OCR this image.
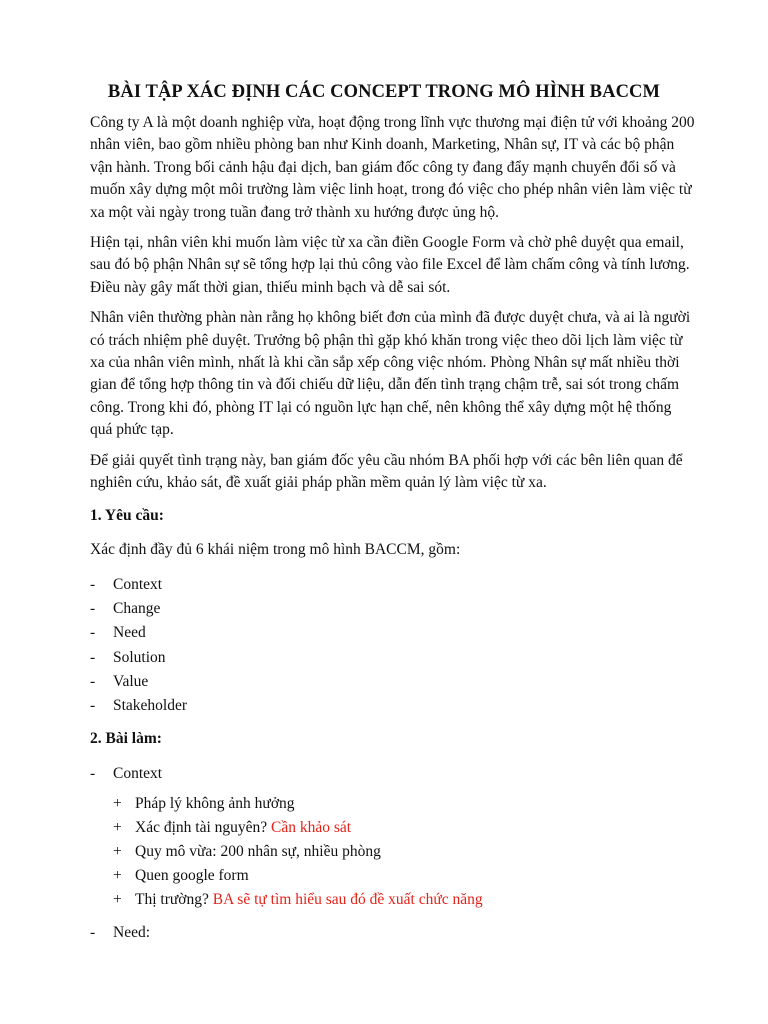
BÀI TẬP XÁC ĐỊNH CÁC CONCEPT TRONG MÔ HÌNH BACCM

Công ty A là một doanh nghiệp vừa, hoạt động trong lĩnh vực thương mại điện tử với khoảng 200 nhân viên, bao gồm nhiều phòng ban như Kinh doanh, Marketing, Nhân sự, IT và các bộ phận vận hành. Trong bối cảnh hậu đại dịch, ban giám đốc công ty đang đẩy mạnh chuyển đổi số và muốn xây dựng một môi trường làm việc linh hoạt, trong đó việc cho phép nhân viên làm việc từ xa một vài ngày trong tuần đang trở thành xu hướng được ủng hộ.

Hiện tại, nhân viên khi muốn làm việc từ xa cần điền Google Form và chờ phê duyệt qua email, sau đó bộ phận Nhân sự sẽ tổng hợp lại thủ công vào file Excel để làm chấm công và tính lương. Điều này gây mất thời gian, thiếu minh bạch và dễ sai sót.

Nhân viên thường phàn nàn rằng họ không biết đơn của mình đã được duyệt chưa, và ai là người có trách nhiệm phê duyệt. Trưởng bộ phận thì gặp khó khăn trong việc theo dõi lịch làm việc từ xa của nhân viên mình, nhất là khi cần sắp xếp công việc nhóm. Phòng Nhân sự mất nhiều thời gian để tổng hợp thông tin và đối chiếu dữ liệu, dẫn đến tình trạng chậm trễ, sai sót trong chấm công. Trong khi đó, phòng IT lại có nguồn lực hạn chế, nên không thể xây dựng một hệ thống quá phức tạp.

Để giải quyết tình trạng này, ban giám đốc yêu cầu nhóm BA phối hợp với các bên liên quan để nghiên cứu, khảo sát, đề xuất giải pháp phần mềm quản lý làm việc từ xa.

1. Yêu cầu:

Xác định đầy đủ 6 khái niệm trong mô hình BACCM, gồm:

-	Context
-	Change
-	Need
-	Solution
-	Value
-	Stakeholder
2. Bài làm:
-	Context
+ Pháp lý không ảnh hưởng
+ Xác định tài nguyên? Cần khảo sát
+ Quy mô vừa: 200 nhân sự, nhiều phòng
+ Quen google form
+ Thị trường? BA sẽ tự tìm hiểu sau đó đề xuất chức năng
-	Need:
